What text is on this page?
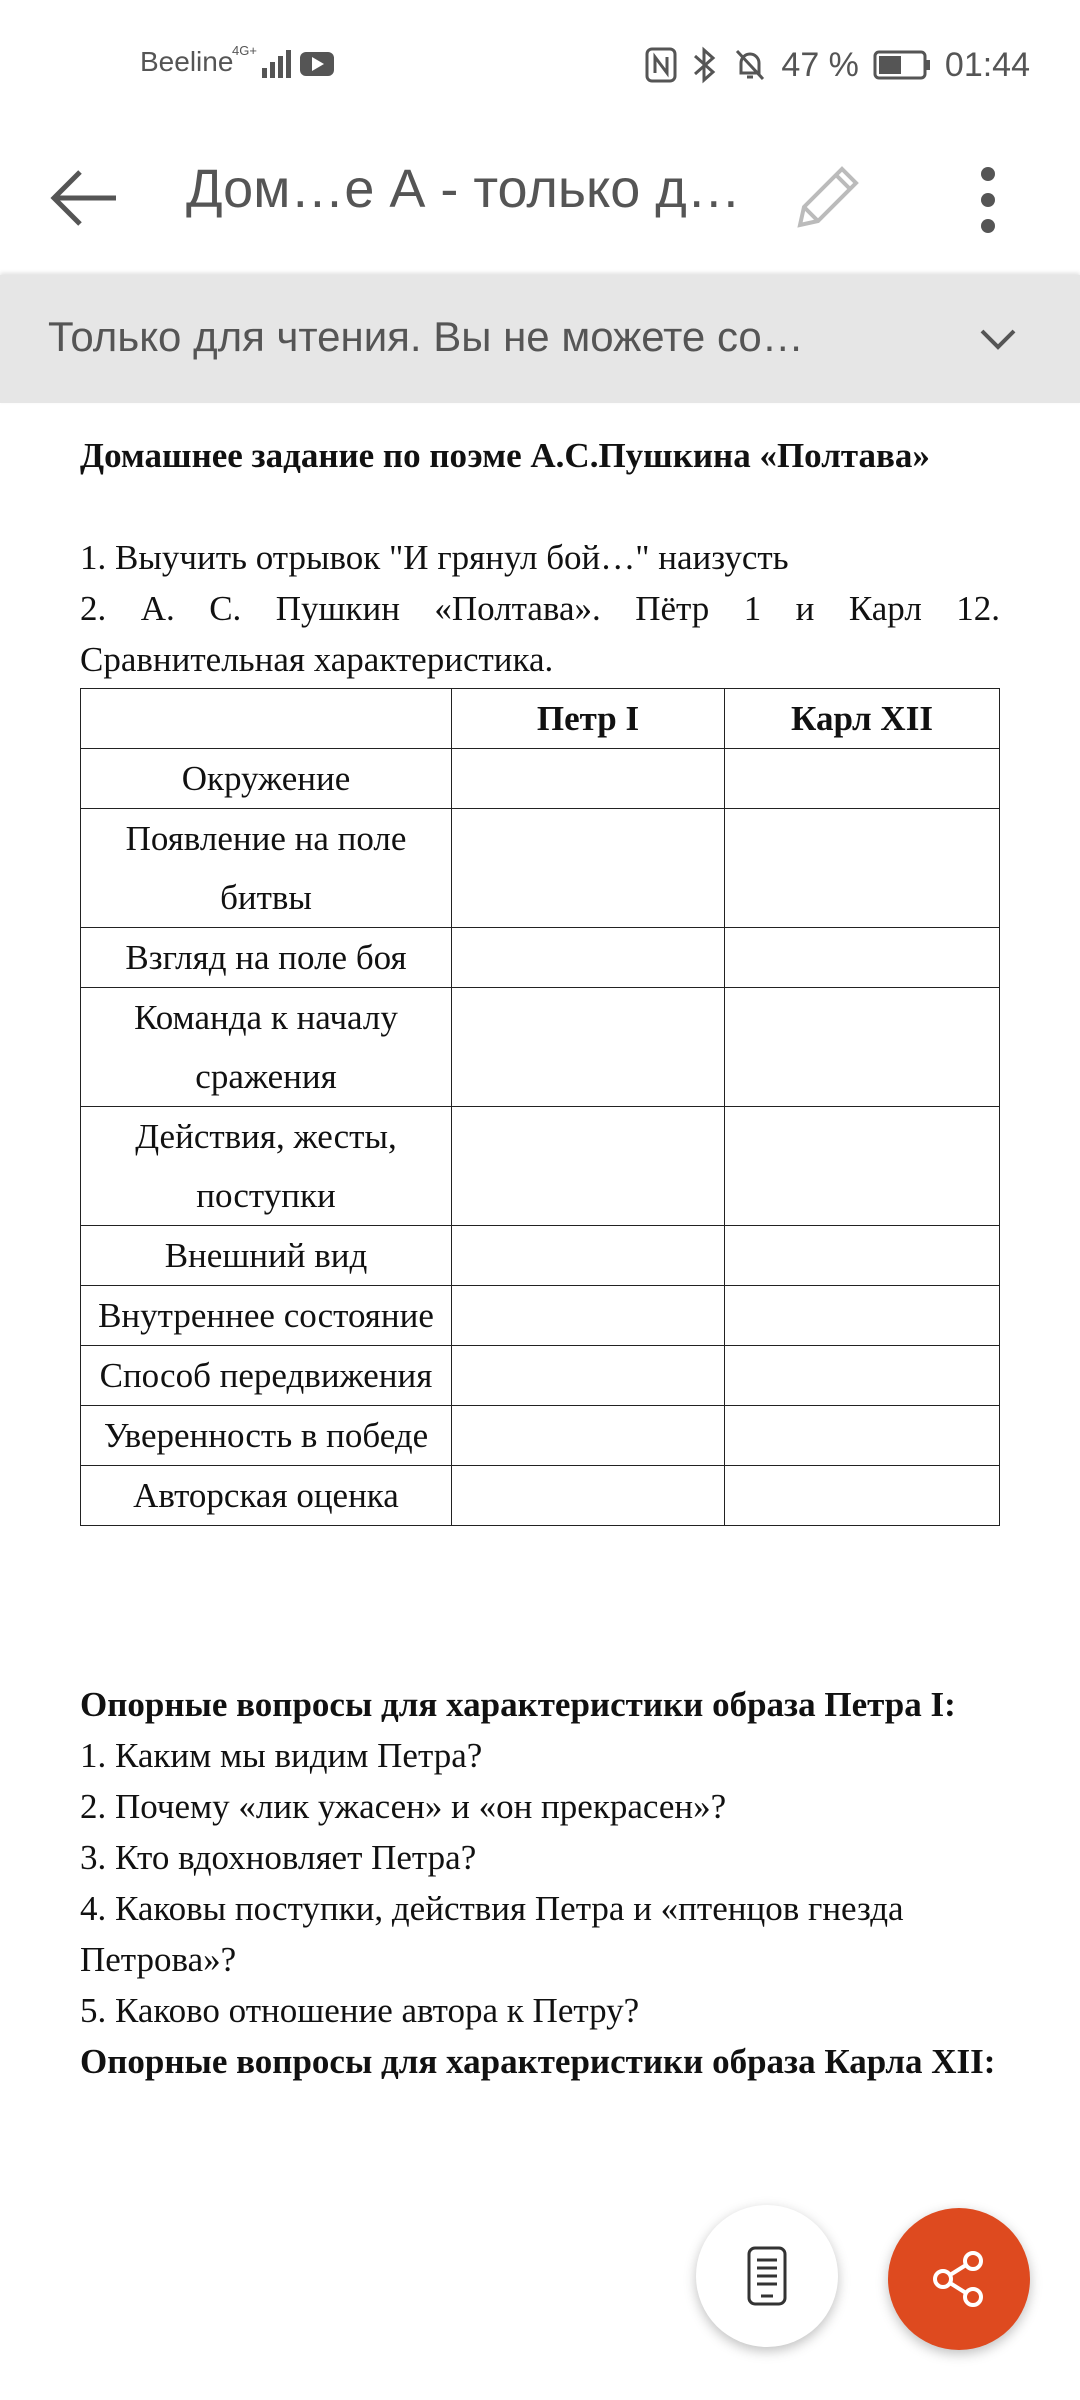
Beeline
4G+	47 %	01:44
Дом…е А - только д…
Только для чтения. Вы не можете со…

Домашнее задание по поэме А.С.Пушкина «Полтава»

1. Выучить отрывок "И грянул бой…" наизусть

2. А. С. Пушкин «Полтава». Пётр 1 и Карл 12. Сравнительная характеристика.

	Петр I	Карл XII
Окружение		
Появление на поле битвы		
Взгляд на поле боя		
Команда к началу сражения		
Действия, жесты, поступки		
Внешний вид		
Внутреннее состояние		
Способ передвижения		
Уверенность в победе		
Авторская оценка		

Опорные вопросы для характеристики образа Петра I:

1. Каким мы видим Петра?

2. Почему «лик ужасен» и «он прекрасен»?

3. Кто вдохновляет Петра?

4. Каковы поступки, действия Петра и «птенцов гнезда Петрова»?

5. Каково отношение автора к Петру?

Опорные вопросы для характеристики образа Карла XII:
